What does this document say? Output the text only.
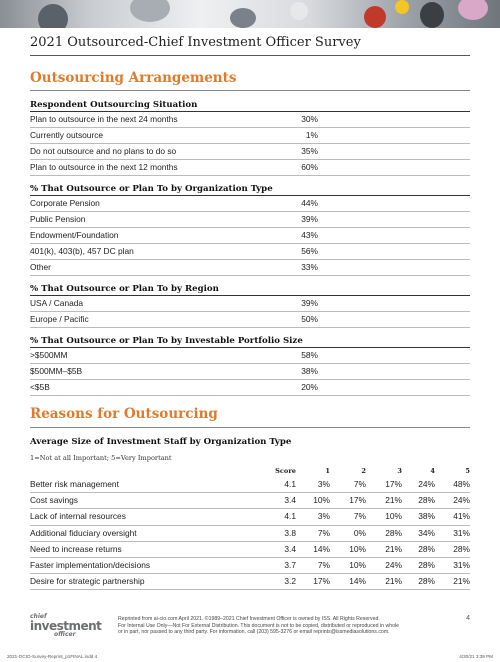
2021 Outsourced-Chief Investment Officer Survey
Outsourcing Arrangements
Respondent Outsourcing Situation
Plan to outsource in the next 24 months	30%
Currently outsource	1%
Do not outsource and no plans to do so	35%
Plan to outsource in the next 12 months	60%
% That Outsource or Plan To by Organization Type
Corporate Pension	44%
Public Pension	39%
Endowment/Foundation	43%
401(k), 403(b), 457 DC plan	56%
Other	33%
% That Outsource or Plan To by Region
USA / Canada	39%
Europe / Pacific	50%
% That Outsource or Plan To by Investable Portfolio Size
>$500MM	58%
$500MM–$5B	38%
<$5B	20%
Reasons for Outsourcing
Average Size of Investment Staff by Organization Type
1=Not at all Important; 5=Very Important
Score	1	2	3	4	5
Better risk management	4.1	3%	7% 17% 24% 48%
Cost savings	3.4 10% 17% 21% 28% 24%
Lack of internal resources	4.1	3%	7% 10% 38% 41%
Additional fiduciary oversight	3.8	7%	0% 28% 34% 31%
Need to increase returns	3.4 14% 10% 21% 28% 28%
Faster implementation/decisions	3.7	7% 10% 24% 28% 31%
Desire for strategic partnership	3.2 17% 14% 21% 28% 21%
chief
investment
officer
Reprinted from ai-cio.com April 2021. ©1989–2021 Chief Investment Officer is owned by ISS. All Rights Reserved.
For Internal Use Only—Not For External Distribution. This document is not to be copied, distributed or reproduced in whole
or in part, nor passed to any third party. For information, call (203) 595-3276 or email reprints@issmediasolutions.com.
4
2021-OCIO-Survey-Reprint_p1FINAL.indd 4	4/30/21 3:39 PM
